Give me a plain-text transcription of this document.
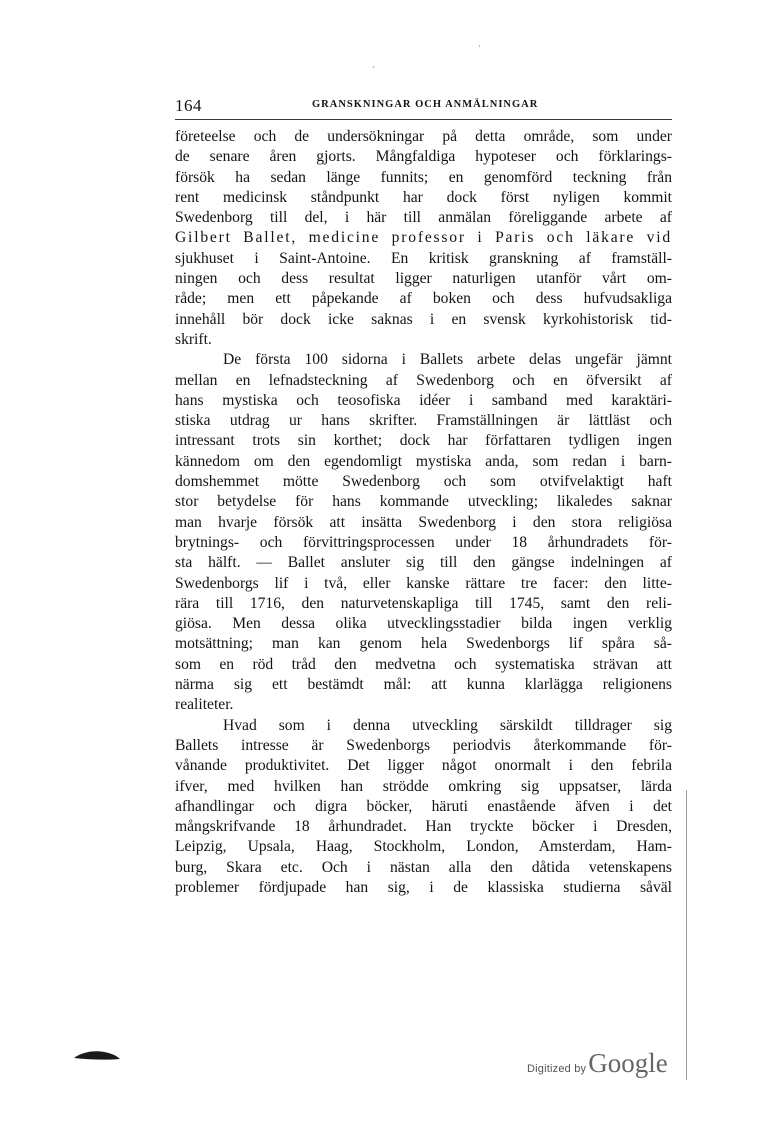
ˋ
ˊ
164	GRANSKNINGAR OCH ANMÄLNINGAR
företeelse och de undersökningar på detta område, som under
de senare åren gjorts. Mångfaldiga hypoteser och förklarings-
försök ha sedan länge funnits; en genomförd teckning från
rent medicinsk ståndpunkt har dock först nyligen kommit
Swedenborg till del, i här till anmälan föreliggande arbete af
Gilbert Ballet, medicine professor i Paris och läkare vid
sjukhuset i Saint-Antoine. En kritisk granskning af framställ-
ningen och dess resultat ligger naturligen utanför vårt om-
råde; men ett påpekande af boken och dess hufvudsakliga
innehåll bör dock icke saknas i en svensk kyrkohistorisk tid-
skrift.
De första 100 sidorna i Ballets arbete delas ungefär jämnt
mellan en lefnadsteckning af Swedenborg och en öfversikt af
hans mystiska och teosofiska idéer i samband med karaktäri-
stiska utdrag ur hans skrifter. Framställningen är lättläst och
intressant trots sin korthet; dock har författaren tydligen ingen
kännedom om den egendomligt mystiska anda, som redan i barn-
domshemmet mötte Swedenborg och som otvifvelaktigt haft
stor betydelse för hans kommande utveckling; likaledes saknar
man hvarje försök att insätta Swedenborg i den stora religiösa
brytnings- och förvittringsprocessen under 18 århundradets för-
sta hälft. — Ballet ansluter sig till den gängse indelningen af
Swedenborgs lif i två, eller kanske rättare tre facer: den litte-
rära till 1716, den naturvetenskapliga till 1745, samt den reli-
giösa. Men dessa olika utvecklingsstadier bilda ingen verklig
motsättning; man kan genom hela Swedenborgs lif spåra så-
som en röd tråd den medvetna och systematiska strävan att
närma sig ett bestämdt mål: att kunna klarlägga religionens
realiteter.
Hvad som i denna utveckling särskildt tilldrager sig
Ballets intresse är Swedenborgs periodvis återkommande för-
vånande produktivitet. Det ligger något onormalt i den febrila
ifver, med hvilken han strödde omkring sig uppsatser, lärda
afhandlingar och digra böcker, häruti enastående äfven i det
mångskrifvande 18 århundradet. Han tryckte böcker i Dresden,
Leipzig, Upsala, Haag, Stockholm, London, Amsterdam, Ham-
burg, Skara etc. Och i nästan alla den dåtida vetenskapens
problemer fördjupade han sig, i de klassiska studierna såväl
Digitized by Google
